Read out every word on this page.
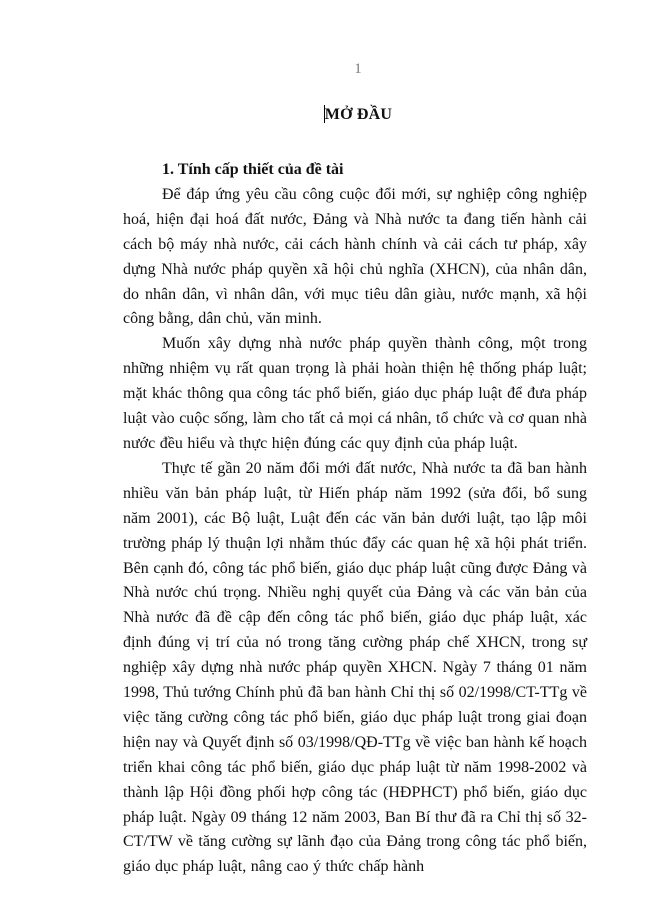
1
MỞ ĐẦU

1. Tính cấp thiết của đề tài

Để đáp ứng yêu cầu công cuộc đổi mới, sự nghiệp công nghiệp hoá, hiện đại hoá đất nước, Đảng và Nhà nước ta đang tiến hành cải cách bộ máy nhà nước, cải cách hành chính và cải cách tư pháp, xây dựng Nhà nước pháp quyền xã hội chủ nghĩa (XHCN), của nhân dân, do nhân dân, vì nhân dân, với mục tiêu dân giàu, nước mạnh, xã hội công bằng, dân chủ, văn minh.

Muốn xây dựng nhà nước pháp quyền thành công, một trong những nhiệm vụ rất quan trọng là phải hoàn thiện hệ thống pháp luật; mặt khác thông qua công tác phổ biến, giáo dục pháp luật để đưa pháp luật vào cuộc sống, làm cho tất cả mọi cá nhân, tổ chức và cơ quan nhà nước đều hiểu và thực hiện đúng các quy định của pháp luật.

Thực tế gần 20 năm đổi mới đất nước, Nhà nước ta đã ban hành nhiều văn bản pháp luật, từ Hiến pháp năm 1992 (sửa đổi, bổ sung năm 2001), các Bộ luật, Luật đến các văn bản dưới luật, tạo lập môi trường pháp lý thuận lợi nhằm thúc đẩy các quan hệ xã hội phát triển. Bên cạnh đó, công tác phổ biến, giáo dục pháp luật cũng được Đảng và Nhà nước chú trọng. Nhiều nghị quyết của Đảng và các văn bản của Nhà nước đã đề cập đến công tác phổ biến, giáo dục pháp luật, xác định đúng vị trí của nó trong tăng cường pháp chế XHCN, trong sự nghiệp xây dựng nhà nước pháp quyền XHCN. Ngày 7 tháng 01 năm 1998, Thủ tướng Chính phủ đã ban hành Chỉ thị số 02/1998/CT-TTg về việc tăng cường công tác phổ biến, giáo dục pháp luật trong giai đoạn hiện nay và Quyết định số 03/1998/QĐ-TTg về việc ban hành kế hoạch triển khai công tác phổ biến, giáo dục pháp luật từ năm 1998-2002 và thành lập Hội đồng phối hợp công tác (HĐPHCT) phổ biến, giáo dục pháp luật. Ngày 09 tháng 12 năm 2003, Ban Bí thư đã ra Chỉ thị số 32-CT/TW về tăng cường sự lãnh đạo của Đảng trong công tác phổ biến, giáo dục pháp luật, nâng cao ý thức chấp hành
